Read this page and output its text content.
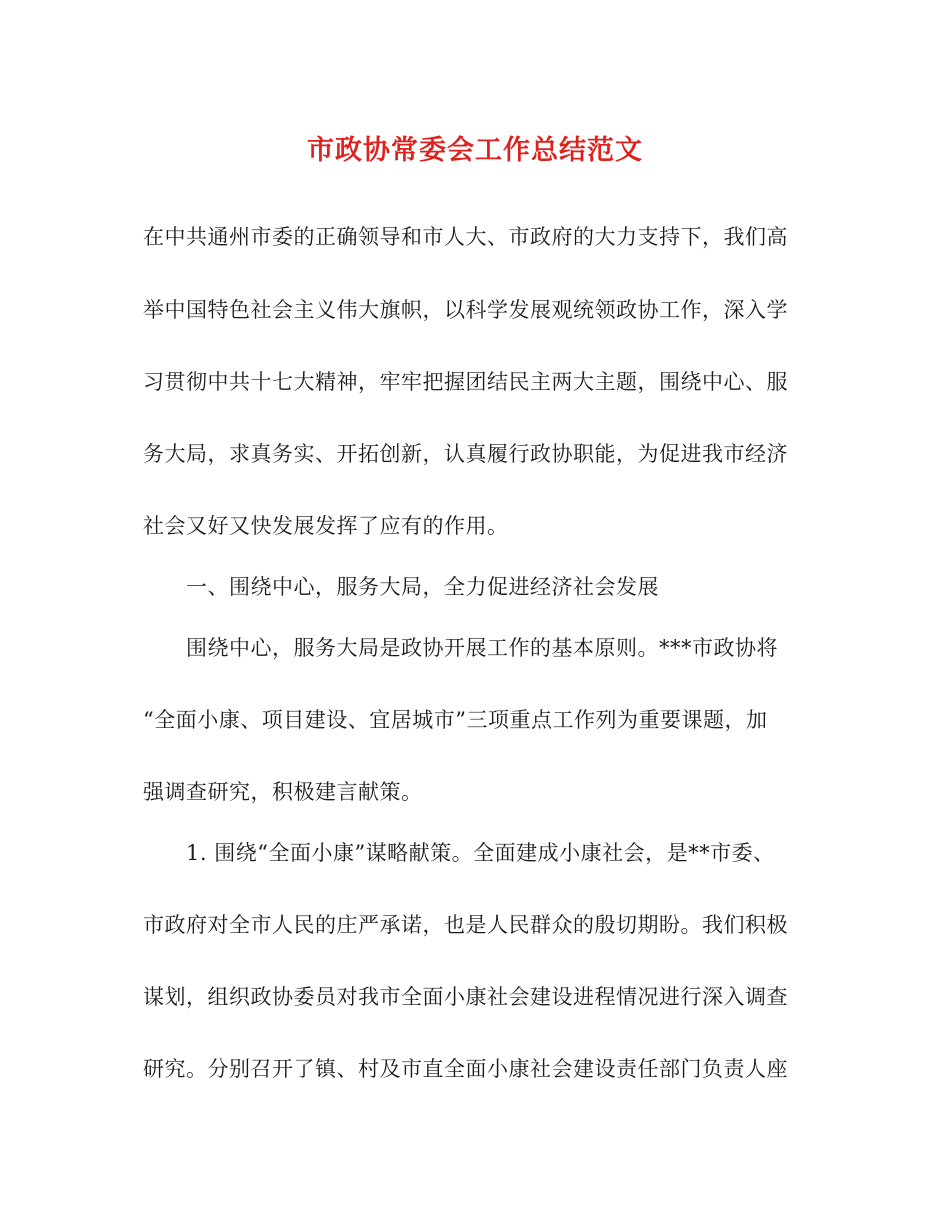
市政协常委会工作总结范文
在中共通州市委的正确领导和市人大、市政府的大力支持下，我们高
举中国特色社会主义伟大旗帜，以科学发展观统领政协工作，深入学
习贯彻中共十七大精神，牢牢把握团结民主两大主题，围绕中心、服
务大局，求真务实、开拓创新，认真履行政协职能，为促进我市经济
社会又好又快发展发挥了应有的作用。
一、围绕中心，服务大局，全力促进经济社会发展
围绕中心，服务大局是政协开展工作的基本原则。***市政协将
“全面小康、项目建设、宜居城市”三项重点工作列为重要课题，加
强调查研究，积极建言献策。
1. 围绕“全面小康”谋略献策。全面建成小康社会，是**市委、
市政府对全市人民的庄严承诺，也是人民群众的殷切期盼。我们积极
谋划，组织政协委员对我市全面小康社会建设进程情况进行深入调查
研究。分别召开了镇、村及市直全面小康社会建设责任部门负责人座
